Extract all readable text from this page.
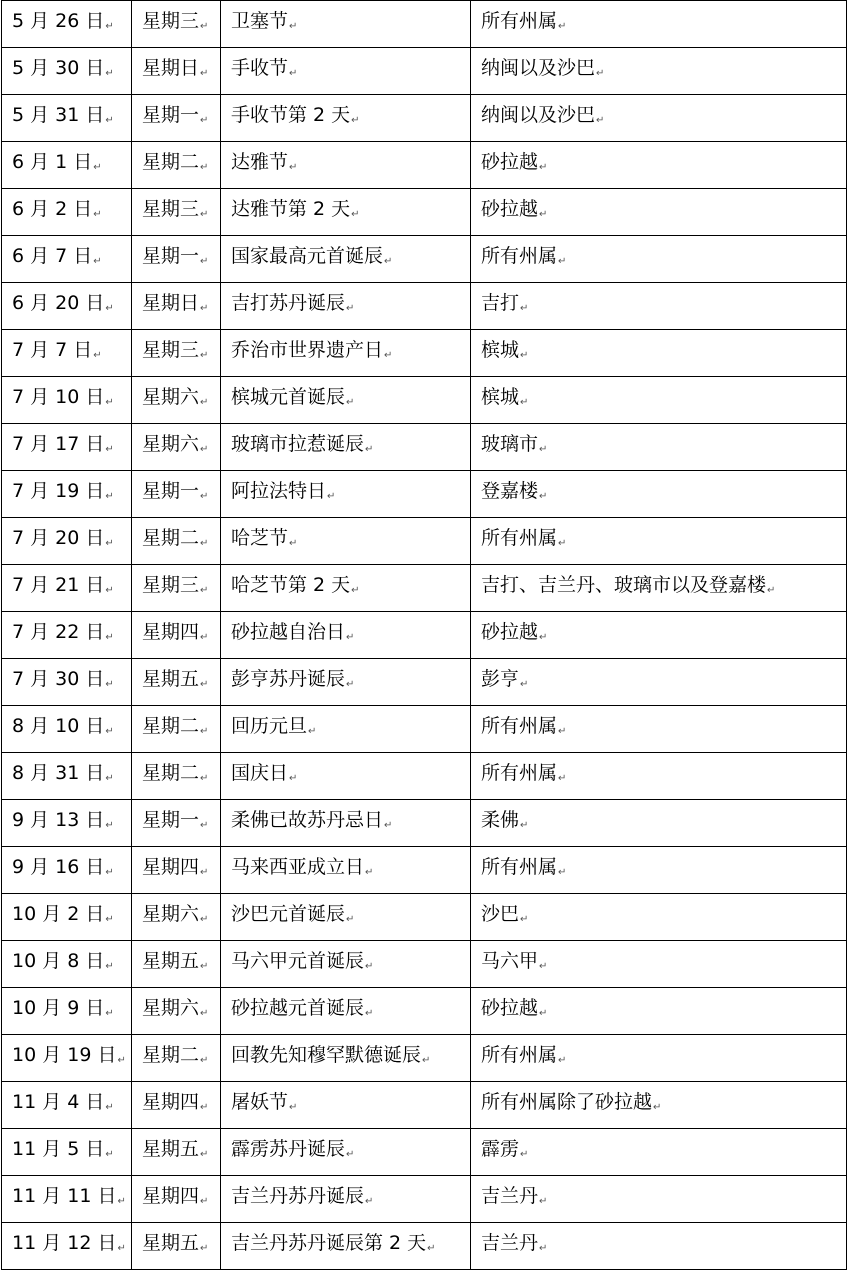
5 月 26 日↵	星期三↵	卫塞节↵	所有州属↵
5 月 30 日↵	星期日↵	手收节↵	纳闽以及沙巴↵
5 月 31 日↵	星期一↵	手收节第 2 天↵	纳闽以及沙巴↵
6 月 1 日↵	星期二↵	达雅节↵	砂拉越↵
6 月 2 日↵	星期三↵	达雅节第 2 天↵	砂拉越↵
6 月 7 日↵	星期一↵	国家最高元首诞辰↵	所有州属↵
6 月 20 日↵	星期日↵	吉打苏丹诞辰↵	吉打↵
7 月 7 日↵	星期三↵	乔治市世界遗产日↵	槟城↵
7 月 10 日↵	星期六↵	槟城元首诞辰↵	槟城↵
7 月 17 日↵	星期六↵	玻璃市拉惹诞辰↵	玻璃市↵
7 月 19 日↵	星期一↵	阿拉法特日↵	登嘉楼↵
7 月 20 日↵	星期二↵	哈芝节↵	所有州属↵
7 月 21 日↵	星期三↵	哈芝节第 2 天↵	吉打、吉兰丹、玻璃市以及登嘉楼↵
7 月 22 日↵	星期四↵	砂拉越自治日↵	砂拉越↵
7 月 30 日↵	星期五↵	彭亨苏丹诞辰↵	彭亨↵
8 月 10 日↵	星期二↵	回历元旦↵	所有州属↵
8 月 31 日↵	星期二↵	国庆日↵	所有州属↵
9 月 13 日↵	星期一↵	柔佛已故苏丹忌日↵	柔佛↵
9 月 16 日↵	星期四↵	马来西亚成立日↵	所有州属↵
10 月 2 日↵	星期六↵	沙巴元首诞辰↵	沙巴↵
10 月 8 日↵	星期五↵	马六甲元首诞辰↵	马六甲↵
10 月 9 日↵	星期六↵	砂拉越元首诞辰↵	砂拉越↵
10 月 19 日↵	星期二↵	回教先知穆罕默德诞辰↵	所有州属↵
11 月 4 日↵	星期四↵	屠妖节↵	所有州属除了砂拉越↵
11 月 5 日↵	星期五↵	霹雳苏丹诞辰↵	霹雳↵
11 月 11 日↵	星期四↵	吉兰丹苏丹诞辰↵	吉兰丹↵
11 月 12 日↵	星期五↵	吉兰丹苏丹诞辰第 2 天↵	吉兰丹↵
